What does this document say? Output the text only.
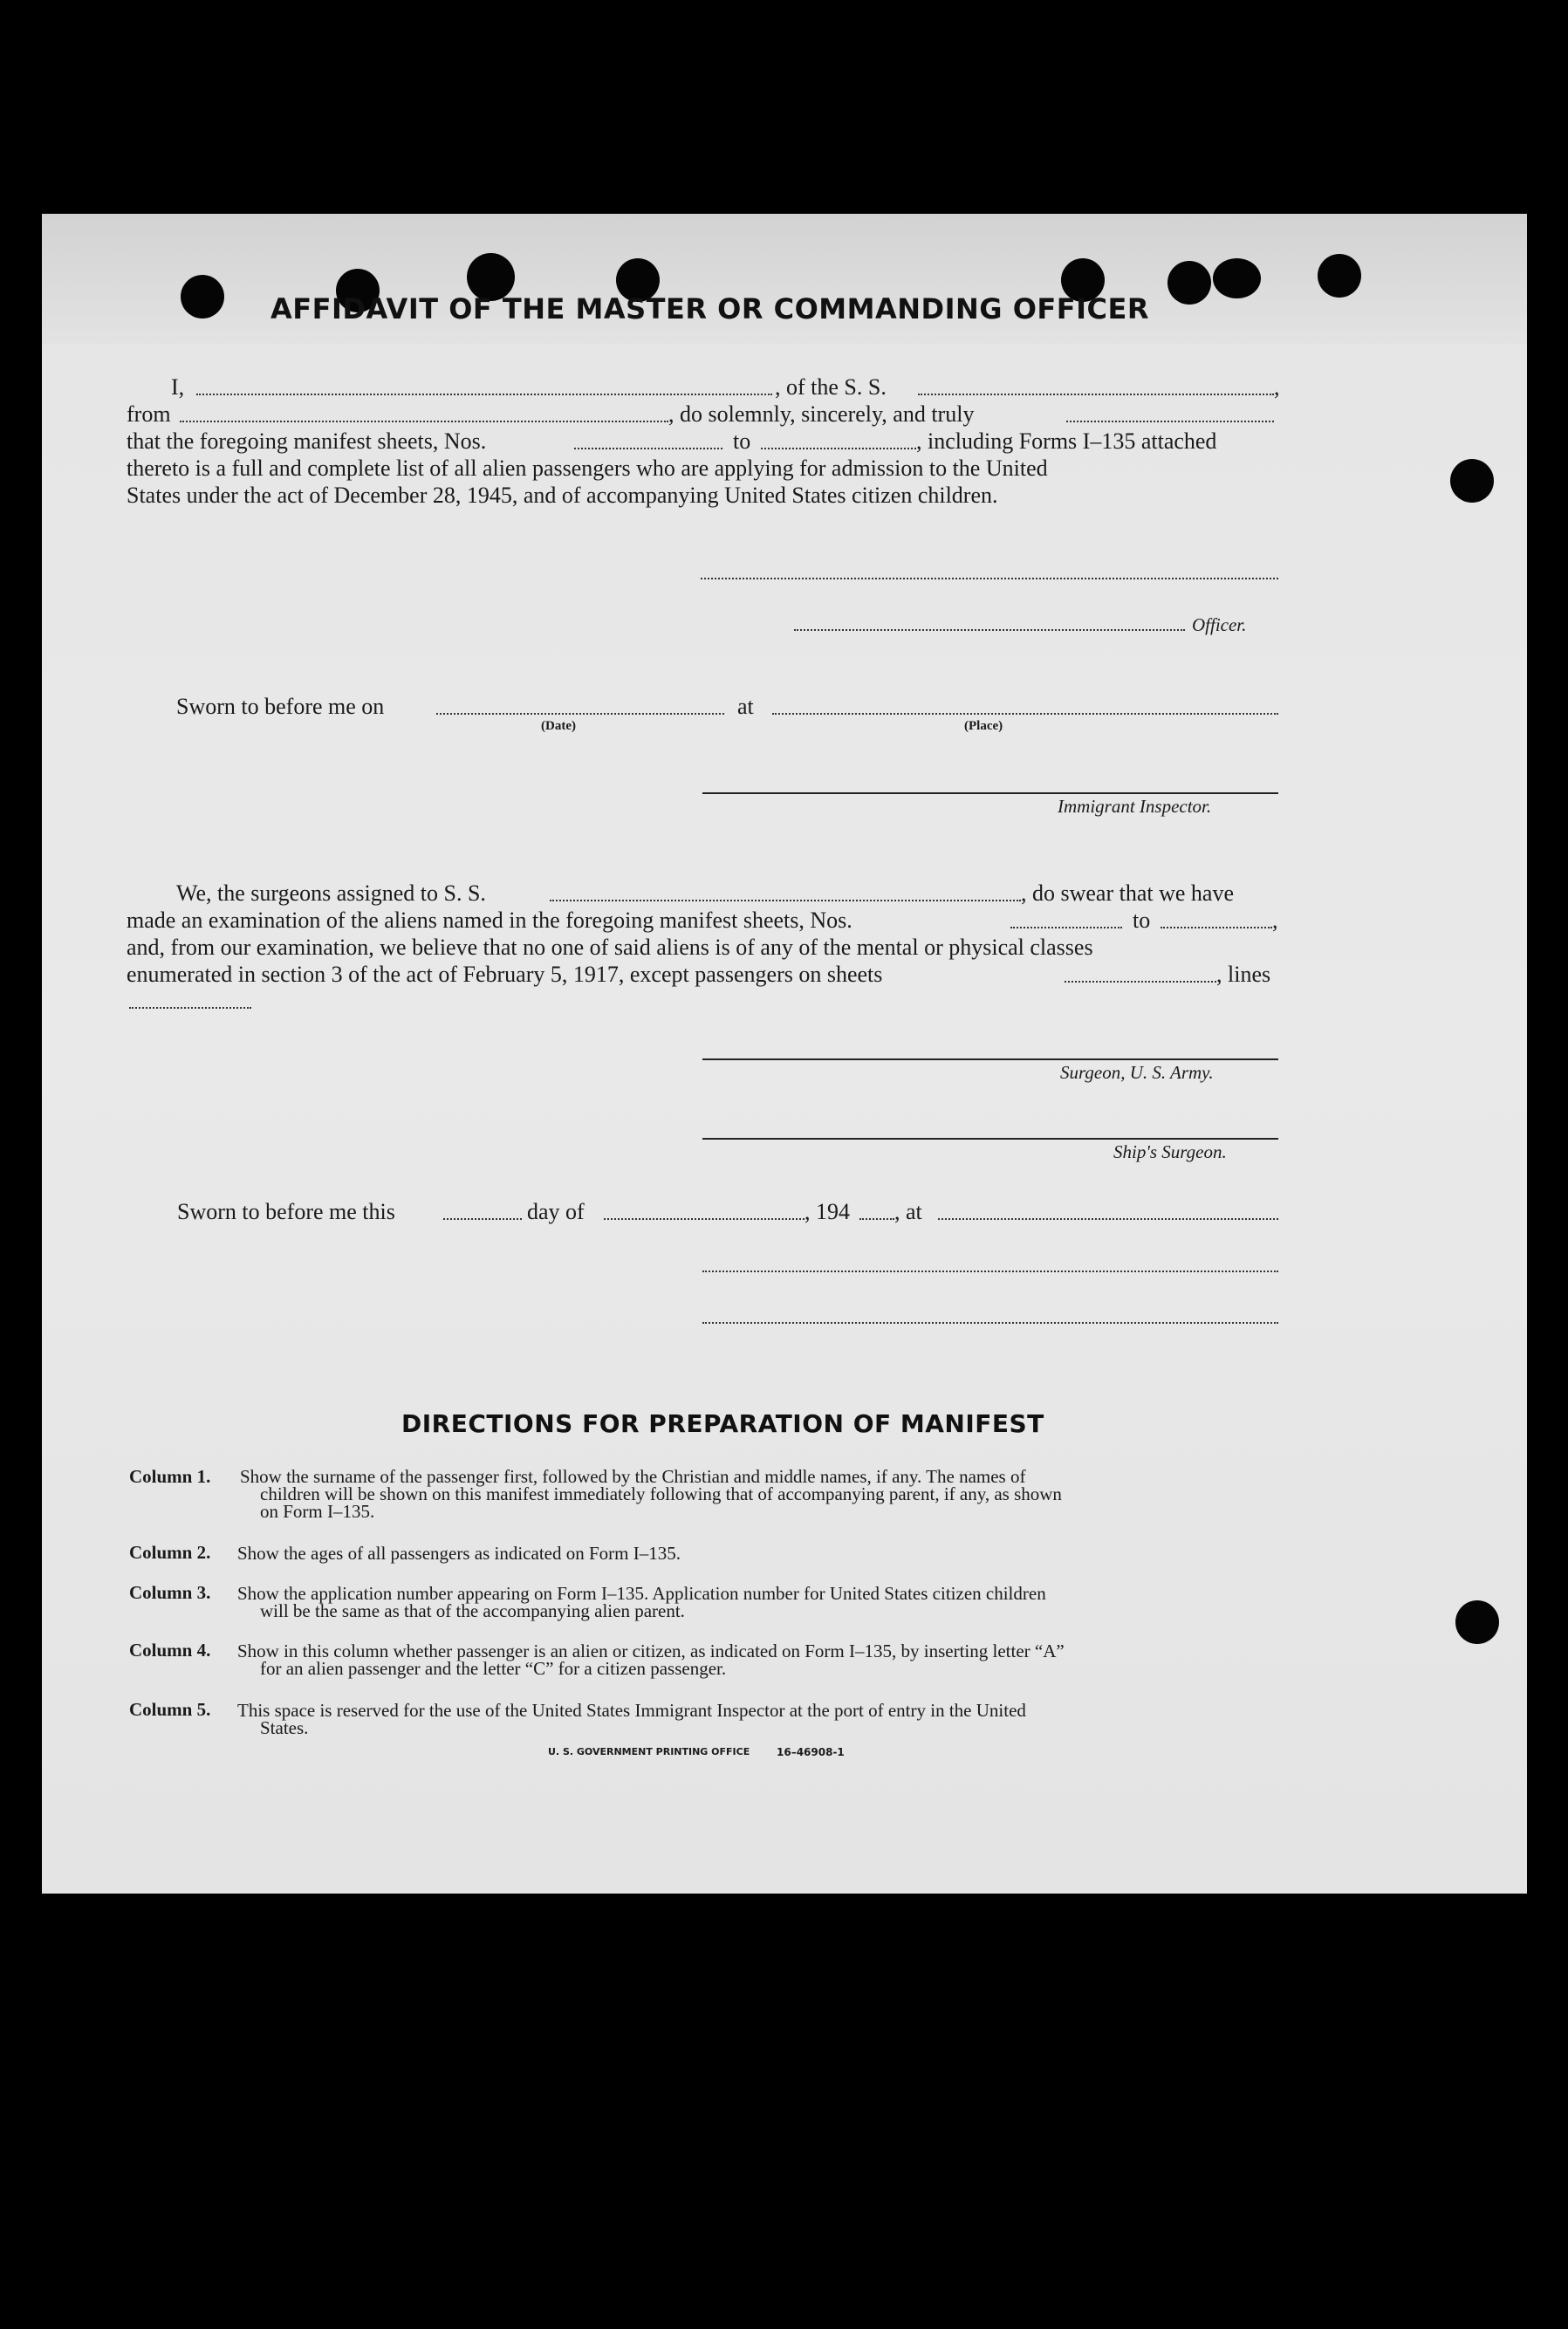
AFFIDAVIT OF THE MASTER OR COMMANDING OFFICER
I,	, of the S. S.	,
from	, do solemnly, sincerely, and truly
that the foregoing manifest sheets, Nos.	to	, including Forms I–135 attached
thereto is a full and complete list of all alien passengers who are applying for admission to the United
States under the act of December 28, 1945, and of accompanying United States citizen children.
Officer.
Sworn to before me on	at
(Date)	(Place)
Immigrant Inspector.
We, the surgeons assigned to S. S.	, do swear that we have
made an examination of the aliens named in the foregoing manifest sheets, Nos.	to	,
and, from our examination, we believe that no one of said aliens is of any of the mental or physical classes
enumerated in section 3 of the act of February 5, 1917, except passengers on sheets	, lines
Surgeon, U. S. Army.
Ship's Surgeon.
Sworn to before me this	day of	, 194 , at
DIRECTIONS FOR PREPARATION OF MANIFEST
Column 1. Show the surname of the passenger first, followed by the Christian and middle names, if any. The names of
children will be shown on this manifest immediately following that of accompanying parent, if any, as shown
on Form I–135.
Column 2. Show the ages of all passengers as indicated on Form I–135.
Column 3. Show the application number appearing on Form I–135. Application number for United States citizen children
will be the same as that of the accompanying alien parent.
Column 4. Show in this column whether passenger is an alien or citizen, as indicated on Form I–135, by inserting letter “A”
for an alien passenger and the letter “C” for a citizen passenger.
Column 5. This space is reserved for the use of the United States Immigrant Inspector at the port of entry in the United
States.
U. S. GOVERNMENT PRINTING OFFICE	16–46908-1
